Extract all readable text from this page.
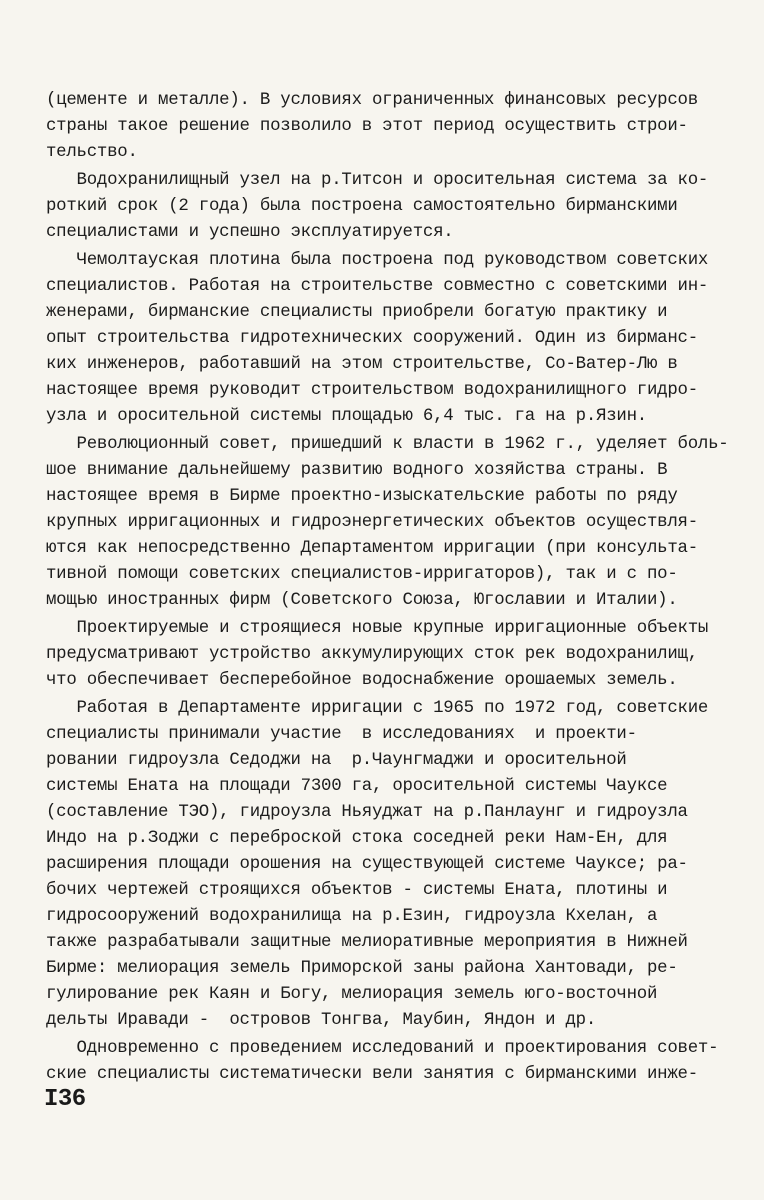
(цементе и металле). В условиях ограниченных финансовых ресурсов
страны такое решение позволило в этот период осуществить строи-
тельство.
Водохранилищный узел на р.Титсон и оросительная система за ко-
роткий срок (2 года) была построена самостоятельно бирманскими
специалистами и успешно эксплуатируется.
Чемолтауская плотина была построена под руководством советских
специалистов. Работая на строительстве совместно с советскими ин-
женерами, бирманские специалисты приобрели богатую практику и
опыт строительства гидротехнических сооружений. Один из бирманс-
ких инженеров, работавший на этом строительстве, Со-Ватер-Лю в
настоящее время руководит строительством водохранилищного гидро-
узла и оросительной системы площадью 6,4 тыс. га на р.Язин.
Революционный совет, пришедший к власти в 1962 г., уделяет боль-
шое внимание дальнейшему развитию водного хозяйства страны. В
настоящее время в Бирме проектно-изыскательские работы по ряду
крупных ирригационных и гидроэнергетических объектов осуществля-
ются как непосредственно Департаментом ирригации (при консульта-
тивной помощи советских специалистов-ирригаторов), так и с по-
мощью иностранных фирм (Советского Союза, Югославии и Италии).
Проектируемые и строящиеся новые крупные ирригационные объекты
предусматривают устройство аккумулирующих сток рек водохранилищ,
что обеспечивает бесперебойное водоснабжение орошаемых земель.
Работая в Департаменте ирригации с 1965 по 1972 год, советские
специалисты принимали участие  в исследованиях  и проекти-
ровании гидроузла Седоджи на  р.Чаунгмаджи и оросительной
системы Ената на площади 7300 га, оросительной системы Чауксе
(составление ТЭО), гидроузла Ньяуджат на р.Панлаунг и гидроузла
Индо на р.Зоджи с переброской стока соседней реки Нам-Ен, для
расширения площади орошения на существующей системе Чауксе; ра-
бочих чертежей строящихся объектов - системы Ената, плотины и
гидросооружений водохранилища на р.Езин, гидроузла Кхелан, а
также разрабатывали защитные мелиоративные мероприятия в Нижней
Бирме: мелиорация земель Приморской заны района Хантовади, ре-
гулирование рек Каян и Богу, мелиорация земель юго-восточной
дельты Иравади -  островов Тонгва, Маубин, Яндон и др.
Одновременно с проведением исследований и проектирования совет-
ские специалисты систематически вели занятия с бирманскими инже-
I36
